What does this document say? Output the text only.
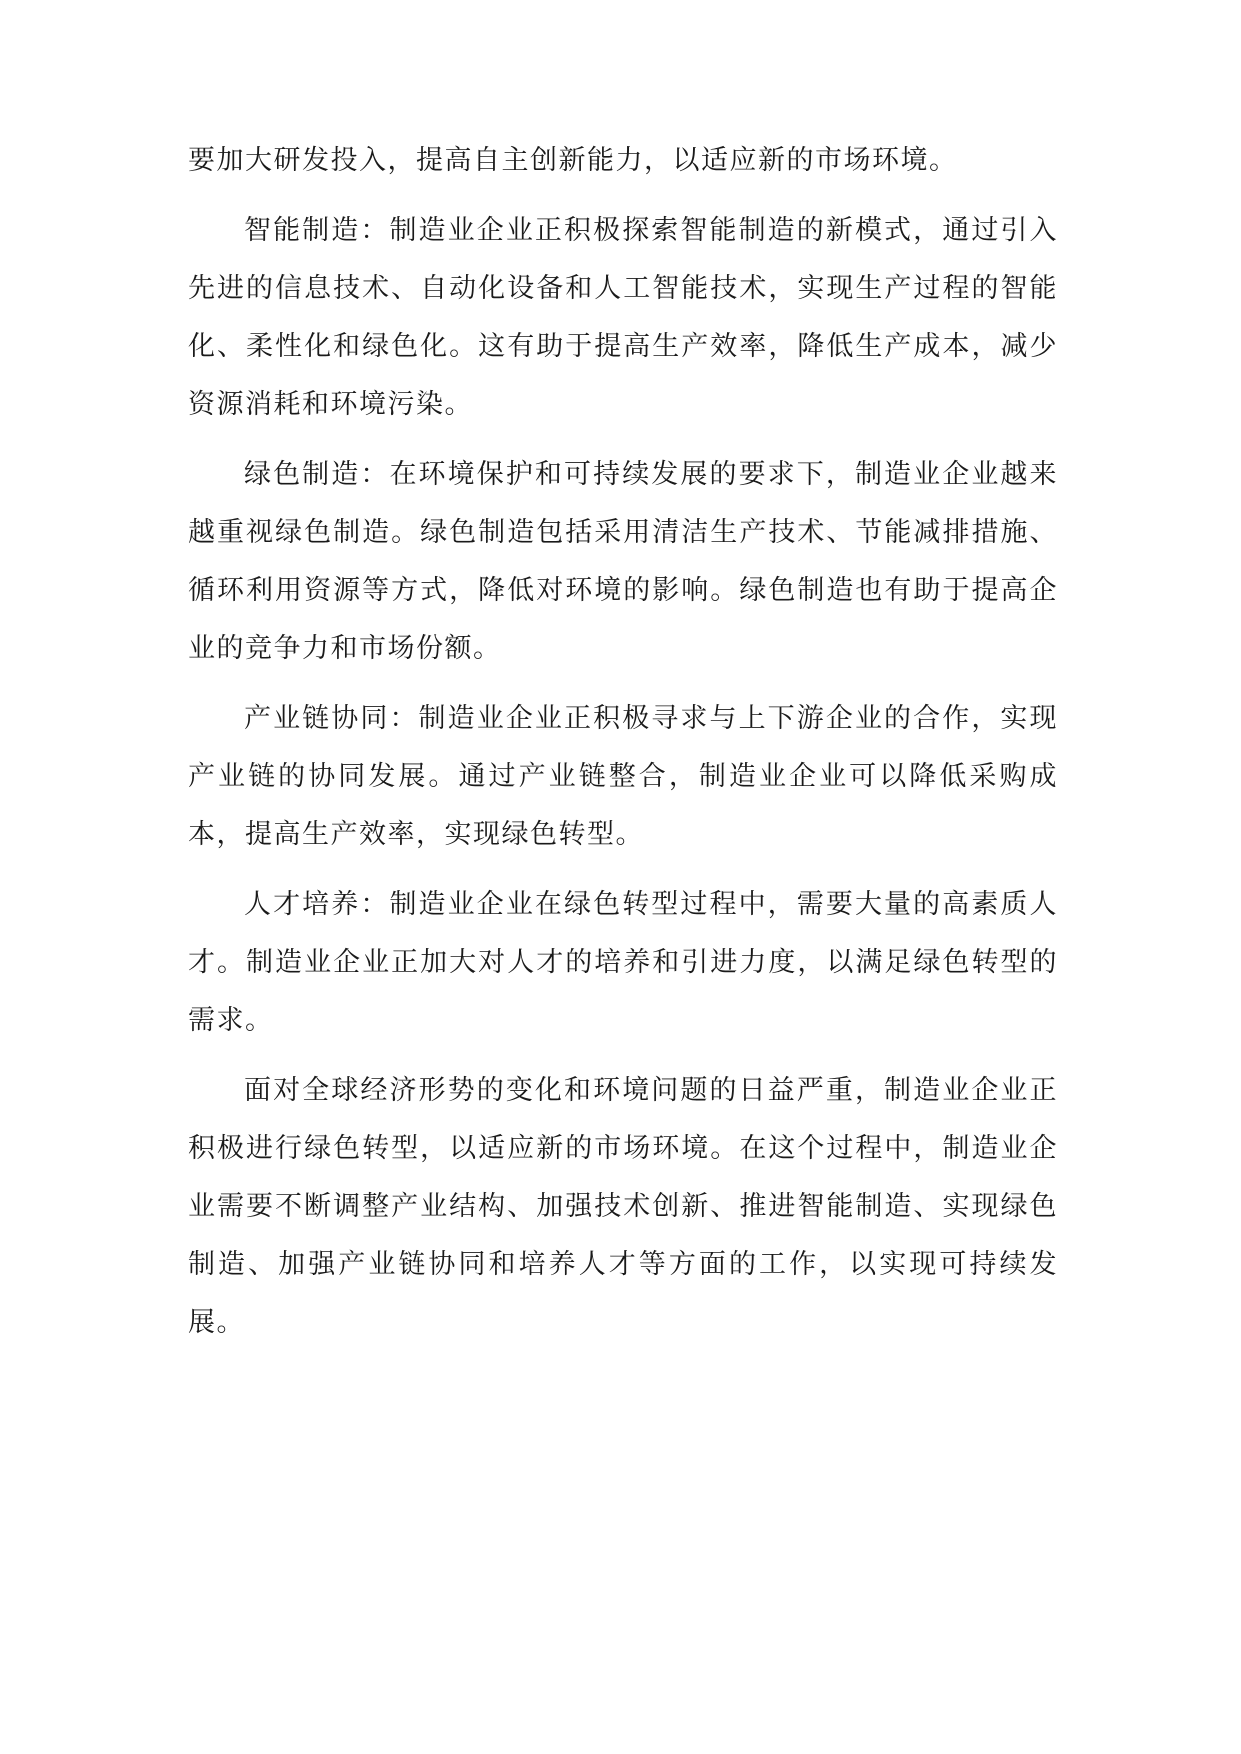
要加大研发投入，提高自主创新能力，以适应新的市场环境。

智能制造：制造业企业正积极探索智能制造的新模式，通过引入先进的信息技术、自动化设备和人工智能技术，实现生产过程的智能化、柔性化和绿色化。这有助于提高生产效率，降低生产成本，减少资源消耗和环境污染。

绿色制造：在环境保护和可持续发展的要求下，制造业企业越来越重视绿色制造。绿色制造包括采用清洁生产技术、节能减排措施、循环利用资源等方式，降低对环境的影响。绿色制造也有助于提高企业的竞争力和市场份额。

产业链协同：制造业企业正积极寻求与上下游企业的合作，实现产业链的协同发展。通过产业链整合，制造业企业可以降低采购成本，提高生产效率，实现绿色转型。

人才培养：制造业企业在绿色转型过程中，需要大量的高素质人才。制造业企业正加大对人才的培养和引进力度，以满足绿色转型的需求。

面对全球经济形势的变化和环境问题的日益严重，制造业企业正积极进行绿色转型，以适应新的市场环境。在这个过程中，制造业企业需要不断调整产业结构、加强技术创新、推进智能制造、实现绿色制造、加强产业链协同和培养人才等方面的工作，以实现可持续发展。
